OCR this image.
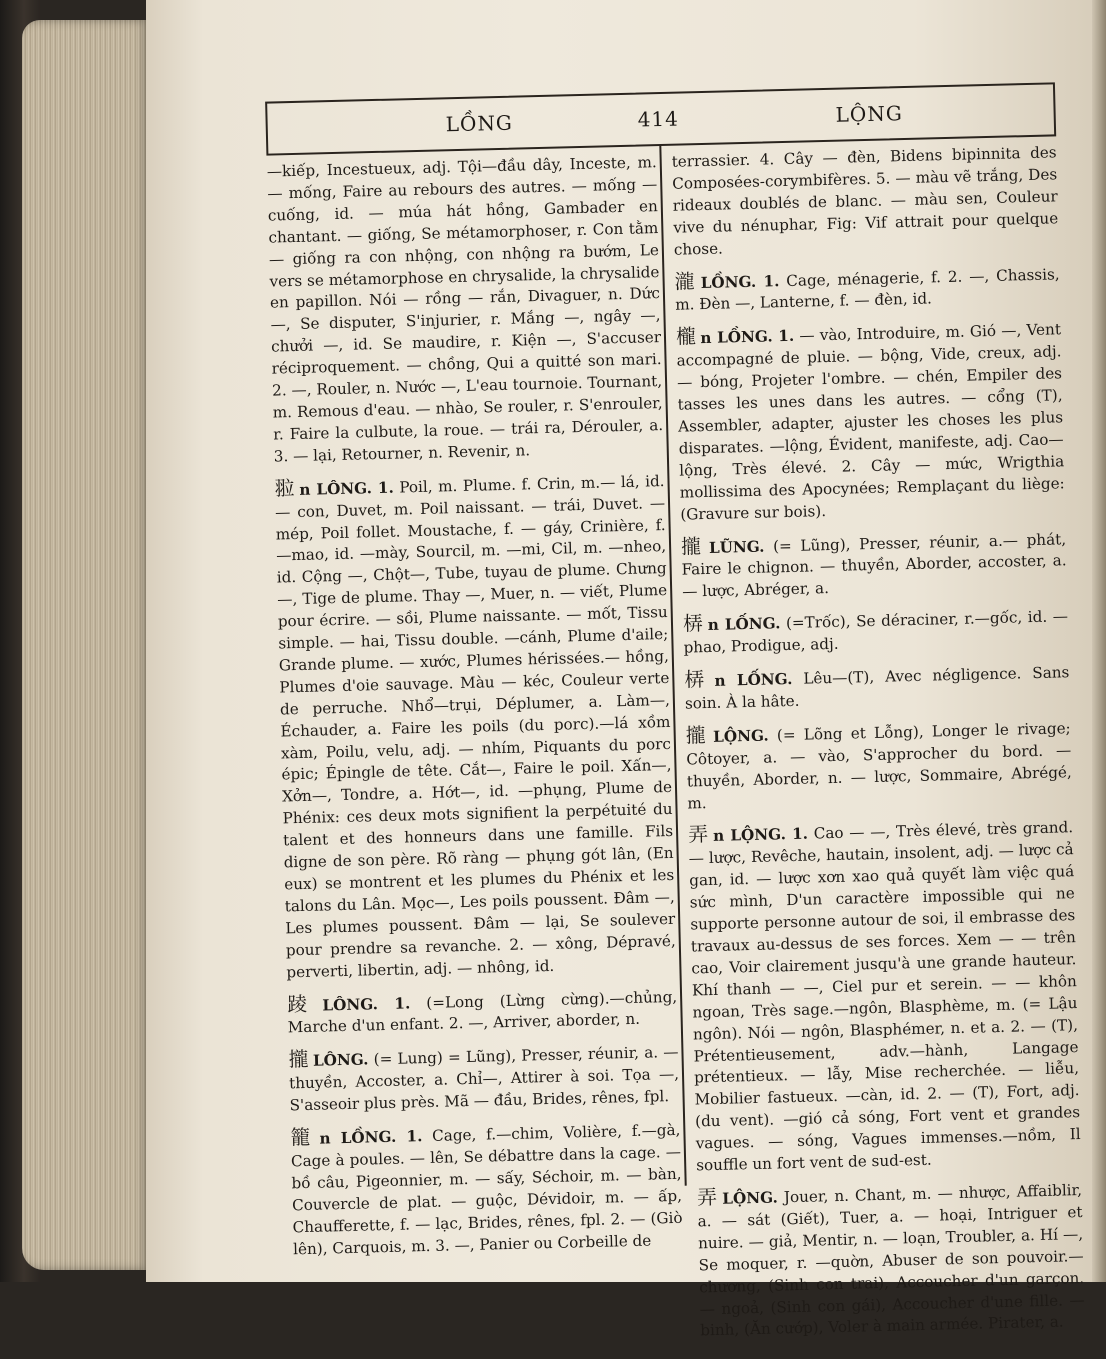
LỒNG	414	LỘNG

—kiếp, Incestueux, adj. Tội—đầu dây, Inceste, m. — mống, Faire au rebours des autres. — mống — cuống, id. — múa hát hồng, Gambader en chantant. — giống, Se métamorphoser, r. Con tằm — giống ra con nhộng, con nhộng ra bướm, Le vers se métamorphose en chrysalide, la chrysalide en papillon. Nói — rồng — rắn, Divaguer, n. Dức—, Se disputer, S'injurier, r. Mắng —, ngây —, chưởi —, id. Se maudire, r. Kiện —, S'accuser réciproquement. — chồng, Qui a quitté son mari. 2. —, Rouler, n. Nước —, L'eau tournoie. Tournant, m. Remous d'eau. — nhào, Se rouler, r. S'enrouler, r. Faire la culbute, la roue. — trái ra, Dérouler, a. 3. — lại, Retourner, n. Revenir, n.

翋 n LÔNG. 1. Poil, m. Plume. f. Crin, m.— lá, id. — con, Duvet, m. Poil naissant. — trái, Duvet. — mép, Poil follet. Moustache, f. — gáy, Crinière, f. —mao, id. —mày, Sourcil, m. —mi, Cil, m. —nheo, id. Cộng —, Chột—, Tube, tuyau de plume. Chưng —, Tige de plume. Thay —, Muer, n. — viết, Plume pour écrire. — sồi, Plume naissante. — mốt, Tissu simple. — hai, Tissu double. —cánh, Plume d'aile; Grande plume. — xước, Plumes hérissées.— hồng, Plumes d'oie sauvage. Màu — kéc, Couleur verte de perruche. Nhổ—trụi, Déplumer, a. Làm—, Échauder, a. Faire les poils (du porc).—lá xồm xàm, Poilu, velu, adj. — nhím, Piquants du porc épic; Épingle de tête. Cắt—, Faire le poil. Xấn—, Xởn—, Tondre, a. Hớt—, id. —phụng, Plume de Phénix: ces deux mots signifient la perpétuité du talent et des honneurs dans une famille. Fils digne de son père. Rõ ràng — phụng gót lân, (En eux) se montrent et les plumes du Phénix et les talons du Lân. Mọc—, Les poils poussent. Đâm —, Les plumes poussent. Đâm — lại, Se soulever pour prendre sa revanche. 2. — xông, Dépravé, perverti, libertin, adj. — nhông, id.

踜 LÔNG. 1. (=Long (Lừng cừng).—chủng, Marche d'un enfant. 2. —, Arriver, aborder, n.

攏 LÔNG. (= Lung) = Lũng), Presser, réunir, a. — thuyền, Accoster, a. Chỉ—, Attirer à soi. Tọa —, S'asseoir plus près. Mã — đầu, Brides, rênes, fpl.

籠 n LỒNG. 1. Cage, f.—chim, Volière, f.—gà, Cage à poules. — lên, Se débattre dans la cage. — bồ câu, Pigeonnier, m. — sấy, Séchoir, m. — bàn, Couvercle de plat. — guộc, Dévidoir, m. — ấp, Chaufferette, f. — lạc, Brides, rênes, fpl. 2. — (Giò lên), Carquois, m. 3. —, Panier ou Corbeille de

terrassier. 4. Cây — đèn, Bidens bipinnita des Composées-corymbifères. 5. — màu vẽ trắng, Des rideaux doublés de blanc. — màu sen, Couleur vive du nénuphar, Fig: Vif attrait pour quelque chose.

瀧 LỒNG. 1. Cage, ménagerie, f. 2. —, Chassis, m. Đèn —, Lanterne, f. — đèn, id.

櫳 n LỒNG. 1. — vào, Introduire, m. Gió —, Vent accompagné de pluie. — bộng, Vide, creux, adj. — bóng, Projeter l'ombre. — chén, Empiler des tasses les unes dans les autres. — cổng (T), Assembler, adapter, ajuster les choses les plus disparates. —lộng, Évident, manifeste, adj. Cao—lộng, Très élevé. 2. Cây — mức, Wrigthia mollissima des Apocynées; Remplaçant du liège: (Gravure sur bois).

攏 LŨNG. (= Lũng), Presser, réunir, a.— phát, Faire le chignon. — thuyền, Aborder, accoster, a. — lược, Abréger, a.

梇 n LỐNG. (=Trốc), Se déraciner, r.—gốc, id. — phao, Prodigue, adj.

梇 n LỐNG. Lêu—(T), Avec négligence. Sans soin. À la hâte.

攏 LỘNG. (= Lõng et Lỗng), Longer le rivage; Côtoyer, a. — vào, S'approcher du bord. — thuyền, Aborder, n. — lược, Sommaire, Abrégé, m.

弄 n LỘNG. 1. Cao — —, Très élevé, très grand. — lược, Revêche, hautain, insolent, adj. — lược cả gan, id. — lược xơn xao quả quyết làm việc quá sức mình, D'un caractère impossible qui ne supporte personne autour de soi, il embrasse des travaux au-dessus de ses forces. Xem — — trên cao, Voir clairement jusqu'à une grande hauteur. Khí thanh — —, Ciel pur et serein. — — khôn ngoan, Très sage.—ngôn, Blasphème, m. (= Lậu ngôn). Nói — ngôn, Blasphémer, n. et a. 2. — (T), Prétentieusement, adv.—hành, Langage prétentieux. — lẫy, Mise recherchée. — liễu, Mobilier fastueux. —càn, id. 2. — (T), Fort, adj. (du vent). —gió cả sóng, Fort vent et grandes vagues. — sóng, Vagues immenses.—nồm, Il souffle un fort vent de sud-est.

弄 LỘNG. Jouer, n. Chant, m. — nhược, Affaiblir, a. — sát (Giết), Tuer, a. — hoại, Intriguer et nuire. — giả, Mentir, n. — loạn, Troubler, a. Hí —, Se moquer, r. —quờn, Abuser de son pouvoir.—chương, (Sinh con trai), Accoucher d'un garçon. — ngoả, (Sinh con gái), Accoucher d'une fille. —binh, (Ăn cướp), Voler à main armée. Pirater, a.
